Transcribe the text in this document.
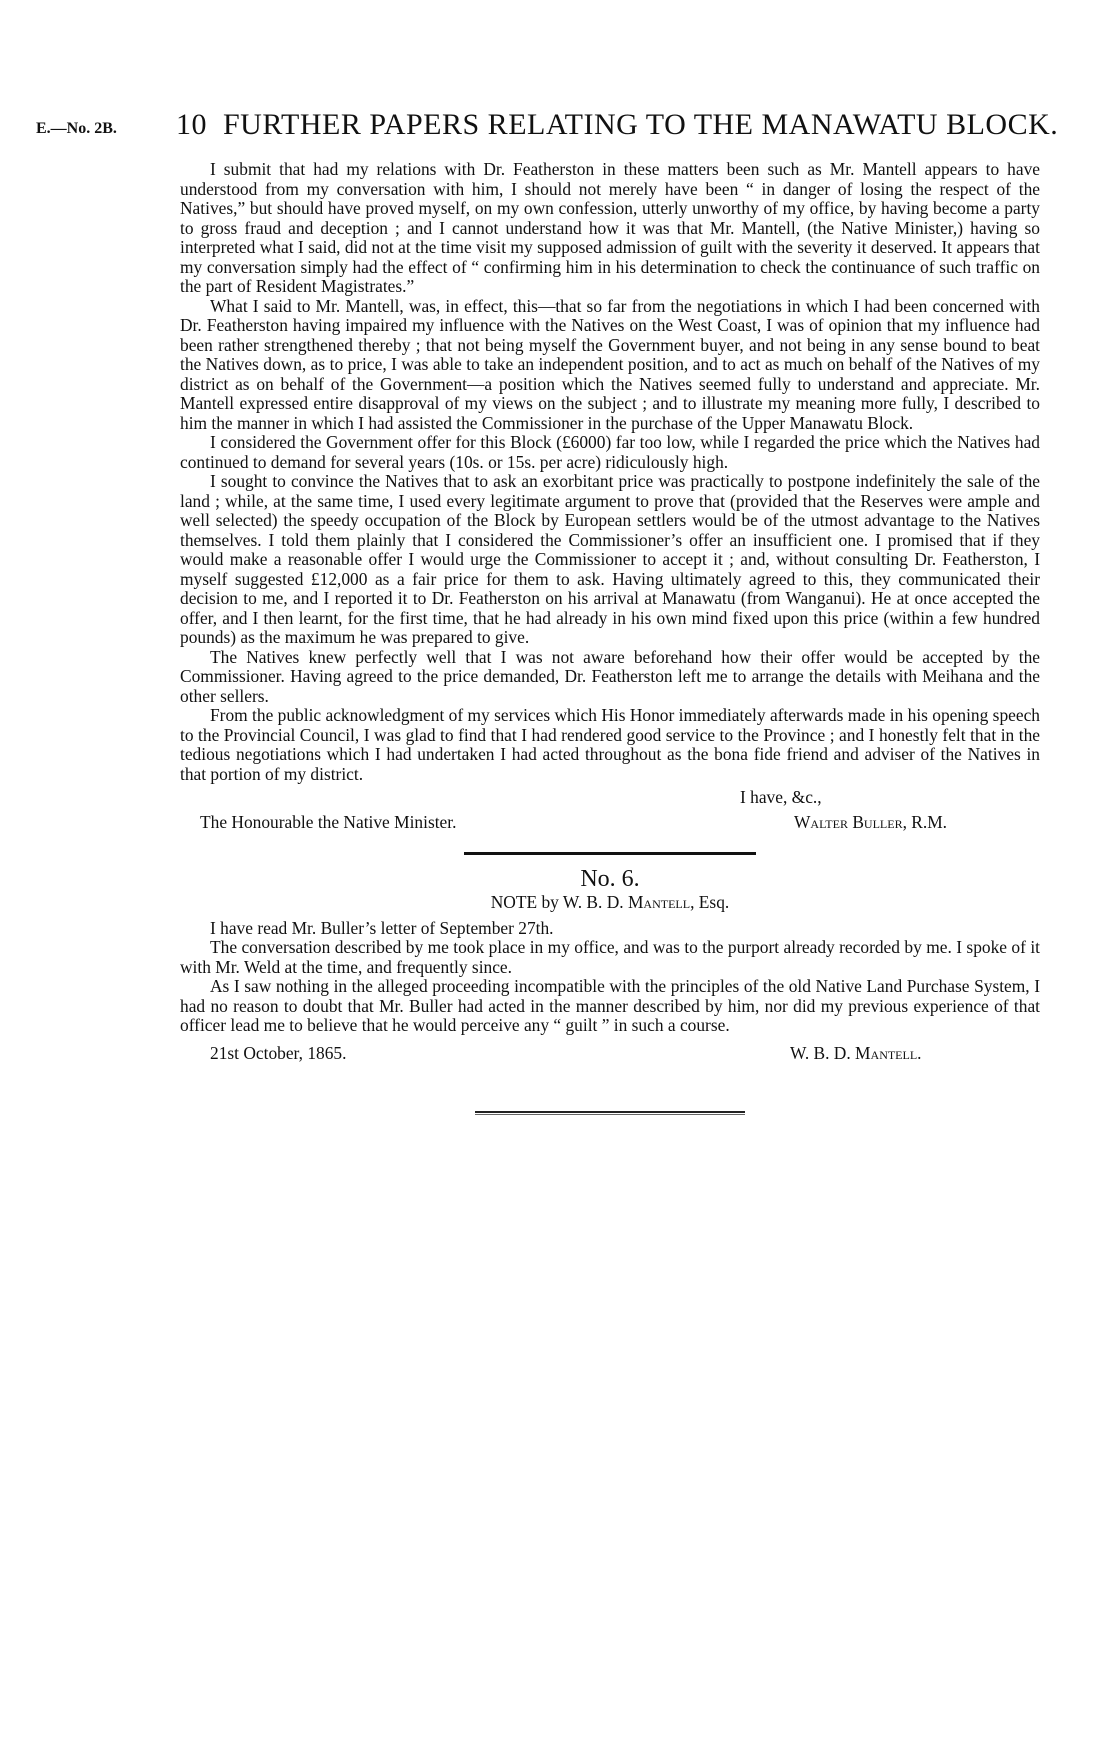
E.—No. 2B. 10 FURTHER PAPERS RELATING TO THE MANAWATU BLOCK.

I submit that had my relations with Dr. Featherston in these matters been such as Mr. Mantell appears to have understood from my conversation with him, I should not merely have been “ in danger of losing the respect of the Natives,” but should have proved myself, on my own confession, utterly unworthy of my office, by having become a party to gross fraud and deception ; and I cannot understand how it was that Mr. Mantell, (the Native Minister,) having so interpreted what I said, did not at the time visit my supposed admission of guilt with the severity it deserved. It appears that my conversation simply had the effect of “ confirming him in his determination to check the continuance of such traffic on the part of Resident Magistrates.”

What I said to Mr. Mantell, was, in effect, this—that so far from the negotiations in which I had been concerned with Dr. Featherston having impaired my influence with the Natives on the West Coast, I was of opinion that my influence had been rather strengthened thereby ; that not being myself the Government buyer, and not being in any sense bound to beat the Natives down, as to price, I was able to take an independent position, and to act as much on behalf of the Natives of my district as on behalf of the Government—a position which the Natives seemed fully to understand and appreciate. Mr. Mantell expressed entire disapproval of my views on the subject ; and to illustrate my meaning more fully, I described to him the manner in which I had assisted the Commissioner in the purchase of the Upper Manawatu Block.

I considered the Government offer for this Block (£6000) far too low, while I regarded the price which the Natives had continued to demand for several years (10s. or 15s. per acre) ridiculously high.

I sought to convince the Natives that to ask an exorbitant price was practically to postpone indefinitely the sale of the land ; while, at the same time, I used every legitimate argument to prove that (provided that the Reserves were ample and well selected) the speedy occupation of the Block by European settlers would be of the utmost advantage to the Natives themselves. I told them plainly that I considered the Commissioner’s offer an insufficient one. I promised that if they would make a reasonable offer I would urge the Commissioner to accept it ; and, without consulting Dr. Featherston, I myself suggested £12,000 as a fair price for them to ask. Having ultimately agreed to this, they communicated their decision to me, and I reported it to Dr. Featherston on his arrival at Manawatu (from Wanganui). He at once accepted the offer, and I then learnt, for the first time, that he had already in his own mind fixed upon this price (within a few hundred pounds) as the maximum he was prepared to give.

The Natives knew perfectly well that I was not aware beforehand how their offer would be accepted by the Commissioner. Having agreed to the price demanded, Dr. Featherston left me to arrange the details with Meihana and the other sellers.

From the public acknowledgment of my services which His Honor immediately afterwards made in his opening speech to the Provincial Council, I was glad to find that I had rendered good service to the Province ; and I honestly felt that in the tedious negotiations which I had undertaken I had acted throughout as the bona fide friend and adviser of the Natives in that portion of my district.

I have, &c.,
The Honourable the Native Minister.	Walter Buller, R.M.
No. 6.
NOTE by W. B. D. Mantell, Esq.

I have read Mr. Buller’s letter of September 27th.

The conversation described by me took place in my office, and was to the purport already recorded by me. I spoke of it with Mr. Weld at the time, and frequently since.

As I saw nothing in the alleged proceeding incompatible with the principles of the old Native Land Purchase System, I had no reason to doubt that Mr. Buller had acted in the manner described by him, nor did my previous experience of that officer lead me to believe that he would perceive any “ guilt ” in such a course.

21st October, 1865.	W. B. D. Mantell.
